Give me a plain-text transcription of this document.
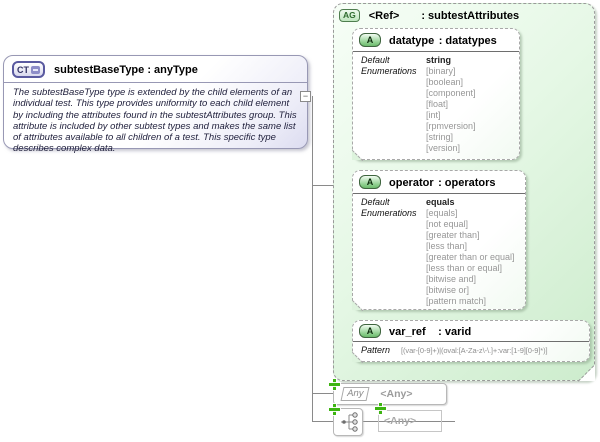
CT subtestBaseType : anyType
The subtestBaseType type is extended by the child elements of an individual test. This type provides uniformity to each child element by including the attributes found in the subtestAttributes group. This attribute is included by other subtest types and makes the same list of attributes available to all children of a test. This specific type describes complex data.
−
AG	<Ref> : subtestAttributes
A	datatype : datatypes
Default	string
Enumerations	[binary]
[boolean]
[component]
[float]
[int]
[rpmversion]
[string]
[version]
A	operator : operators
Default	equals
Enumerations	[equals]
[not equal]
[greater than]
[less than]
[greater than or equal]
[less than or equal]
[bitwise and]
[bitwise or]
[pattern match]
A	var_ref : varid
Pattern [(var-[0-9]+)|(oval:[A-Za-z\-\.]+:var:[1-9][0-9]*)]
Any	<Any>
<Any>
